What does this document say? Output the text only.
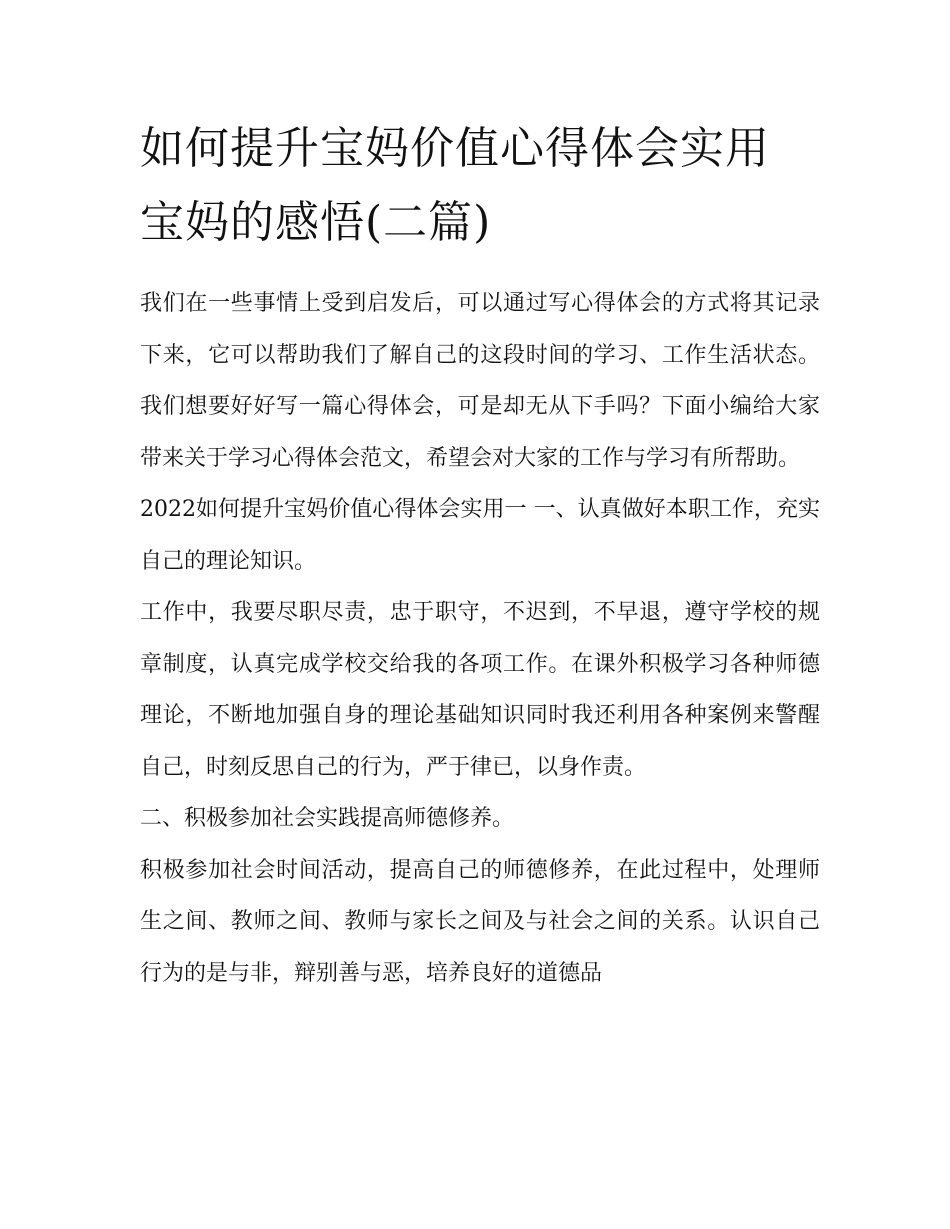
如何提升宝妈价值心得体会实用 宝妈的感悟(二篇)

我们在一些事情上受到启发后，可以通过写心得体会的方式将其记录下来，它可以帮助我们了解自己的这段时间的学习、工作生活状态。我们想要好好写一篇心得体会，可是却无从下手吗？下面小编给大家带来关于学习心得体会范文，希望会对大家的工作与学习有所帮助。

2022如何提升宝妈价值心得体会实用一 一、认真做好本职工作，充实自己的理论知识。

工作中，我要尽职尽责，忠于职守，不迟到，不早退，遵守学校的规章制度，认真完成学校交给我的各项工作。在课外积极学习各种师德理论，不断地加强自身的理论基础知识同时我还利用各种案例来警醒自己，时刻反思自己的行为，严于律已，以身作责。

二、积极参加社会实践提高师德修养。

积极参加社会时间活动，提高自己的师德修养，在此过程中，处理师生之间、教师之间、教师与家长之间及与社会之间的关系。认识自己行为的是与非，辩别善与恶，培养良好的道德品
